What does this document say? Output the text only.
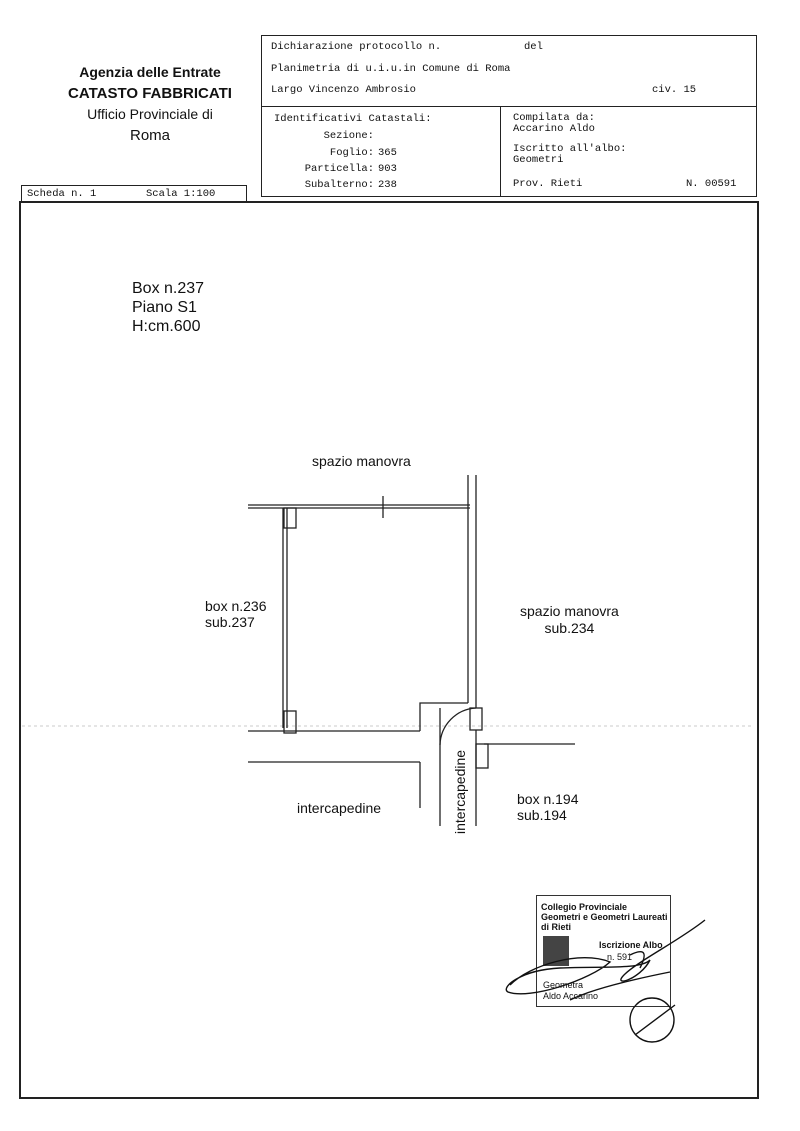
Agenzia delle Entrate
CATASTO FABBRICATI
Ufficio Provinciale di
Roma
Dichiarazione protocollo n.	del
Planimetria di u.i.u.in Comune di Roma
Largo Vincenzo Ambrosio	civ. 15
Identificativi Catastali:
Sezione:
Foglio: 365
Particella: 903
Subalterno: 238
Compilata da:
Accarino Aldo
Iscritto all'albo:
Geometri
Prov. Rieti	N. 00591
Scheda n. 1	Scala 1:100
Box n.237
Piano S1
H:cm.600
spazio manovra
box n.236
sub.237
spazio manovra
sub.234
intercapedine	intercapedine	box n.194
sub.194
Collegio Provinciale
Geometri e Geometri Laureati
di Rieti
Iscrizione Albo
n. 591
Geometra
Aldo Accarino
